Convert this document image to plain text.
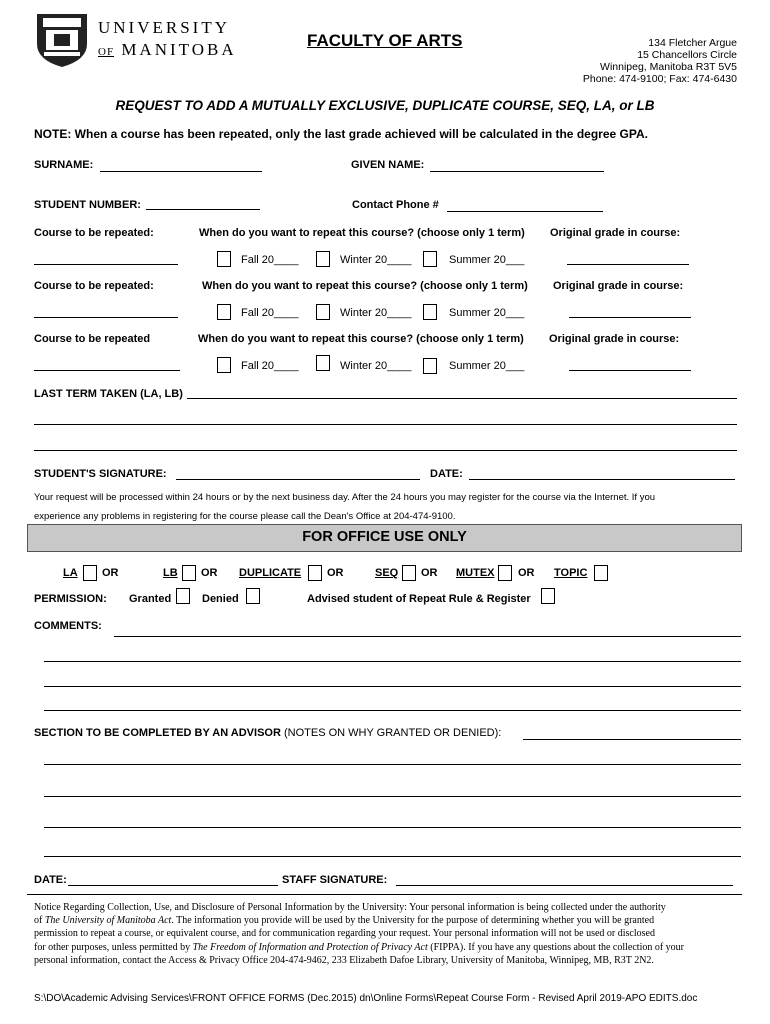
UNIVERSITY
OF MANITOBA	FACULTY OF ARTS	134 Fletcher Argue
15 Chancellors Circle
Winnipeg, Manitoba R3T 5V5
Phone: 474-9100; Fax: 474-6430
REQUEST TO ADD A MUTUALLY EXCLUSIVE, DUPLICATE COURSE, SEQ, LA, or LB
NOTE: When a course has been repeated, only the last grade achieved will be calculated in the degree GPA.
SURNAME:	GIVEN NAME:
STUDENT NUMBER:	Contact Phone #
Course to be repeated:	When do you want to repeat this course? (choose only 1 term) Original grade in course:
Fall 20____	Winter 20____	Summer 20___
Course to be repeated:	When do you want to repeat this course? (choose only 1 term) Original grade in course:
Fall 20____	Winter 20____	Summer 20___
Course to be repeated	When do you want to repeat this course? (choose only 1 term) Original grade in course:
Fall 20____	Winter 20____	Summer 20___
LAST TERM TAKEN (LA, LB)
STUDENT'S SIGNATURE:	DATE:
Your request will be processed within 24 hours or by the next business day. After the 24 hours you may register for the course via the Internet. If you
experience any problems in registering for the course please call the Dean's Office at 204-474-9100.
FOR OFFICE USE ONLY
LA OR	LB OR DUPLICATE OR	SEQ OR MUTEX OR TOPIC
PERMISSION: Granted	Denied	Advised student of Repeat Rule & Register
COMMENTS:
SECTION TO BE COMPLETED BY AN ADVISOR (NOTES ON WHY GRANTED OR DENIED):
DATE:	STAFF SIGNATURE:
Notice Regarding Collection, Use, and Disclosure of Personal Information by the University: Your personal information is being collected under the authority
of The University of Manitoba Act. The information you provide will be used by the University for the purpose of determining whether you will be granted
permission to repeat a course, or equivalent course, and for communication regarding your request. Your personal information will not be used or disclosed
for other purposes, unless permitted by The Freedom of Information and Protection of Privacy Act (FIPPA). If you have any questions about the collection of your
personal information, contact the Access & Privacy Office 204-474-9462, 233 Elizabeth Dafoe Library, University of Manitoba, Winnipeg, MB, R3T 2N2.
S:\DO\Academic Advising Services\FRONT OFFICE FORMS (Dec.2015) dn\Online Forms\Repeat Course Form - Revised April 2019-APO EDITS.doc
